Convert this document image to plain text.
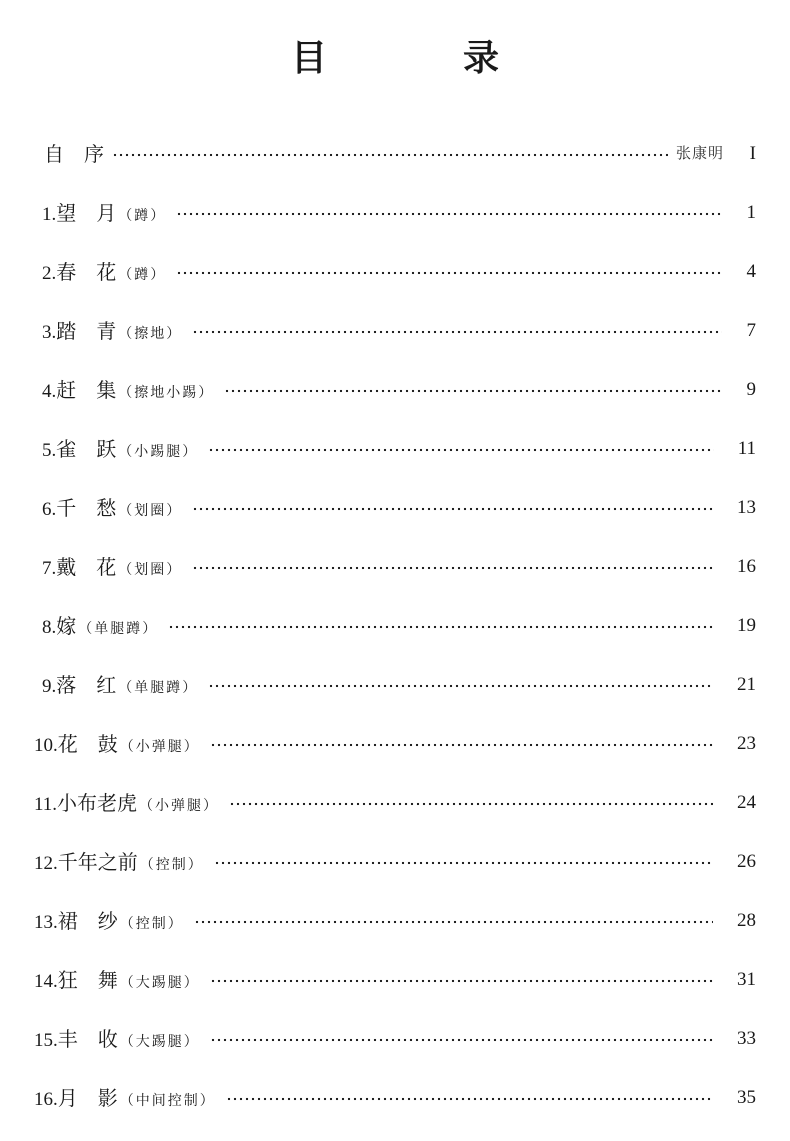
目　录
自　序	张康明 I
1.望　月 （蹲）	1
2.春　花 （蹲）	4
3.踏　青 （擦地）	7
4.赶　集 （擦地小踢）	9
5.雀　跃 （小踢腿）	11
6.千　愁 （划圈）	13
7.戴　花 （划圈）	16
8.嫁 （单腿蹲）	19
9.落　红 （单腿蹲）	21
10.花　鼓 （小弹腿）	23
11.小布老虎 （小弹腿）	24
12.千年之前 （控制）	26
13.裙　纱 （控制）	28
14.狂　舞 （大踢腿）	31
15.丰　收 （大踢腿）	33
16.月　影 （中间控制）	35
